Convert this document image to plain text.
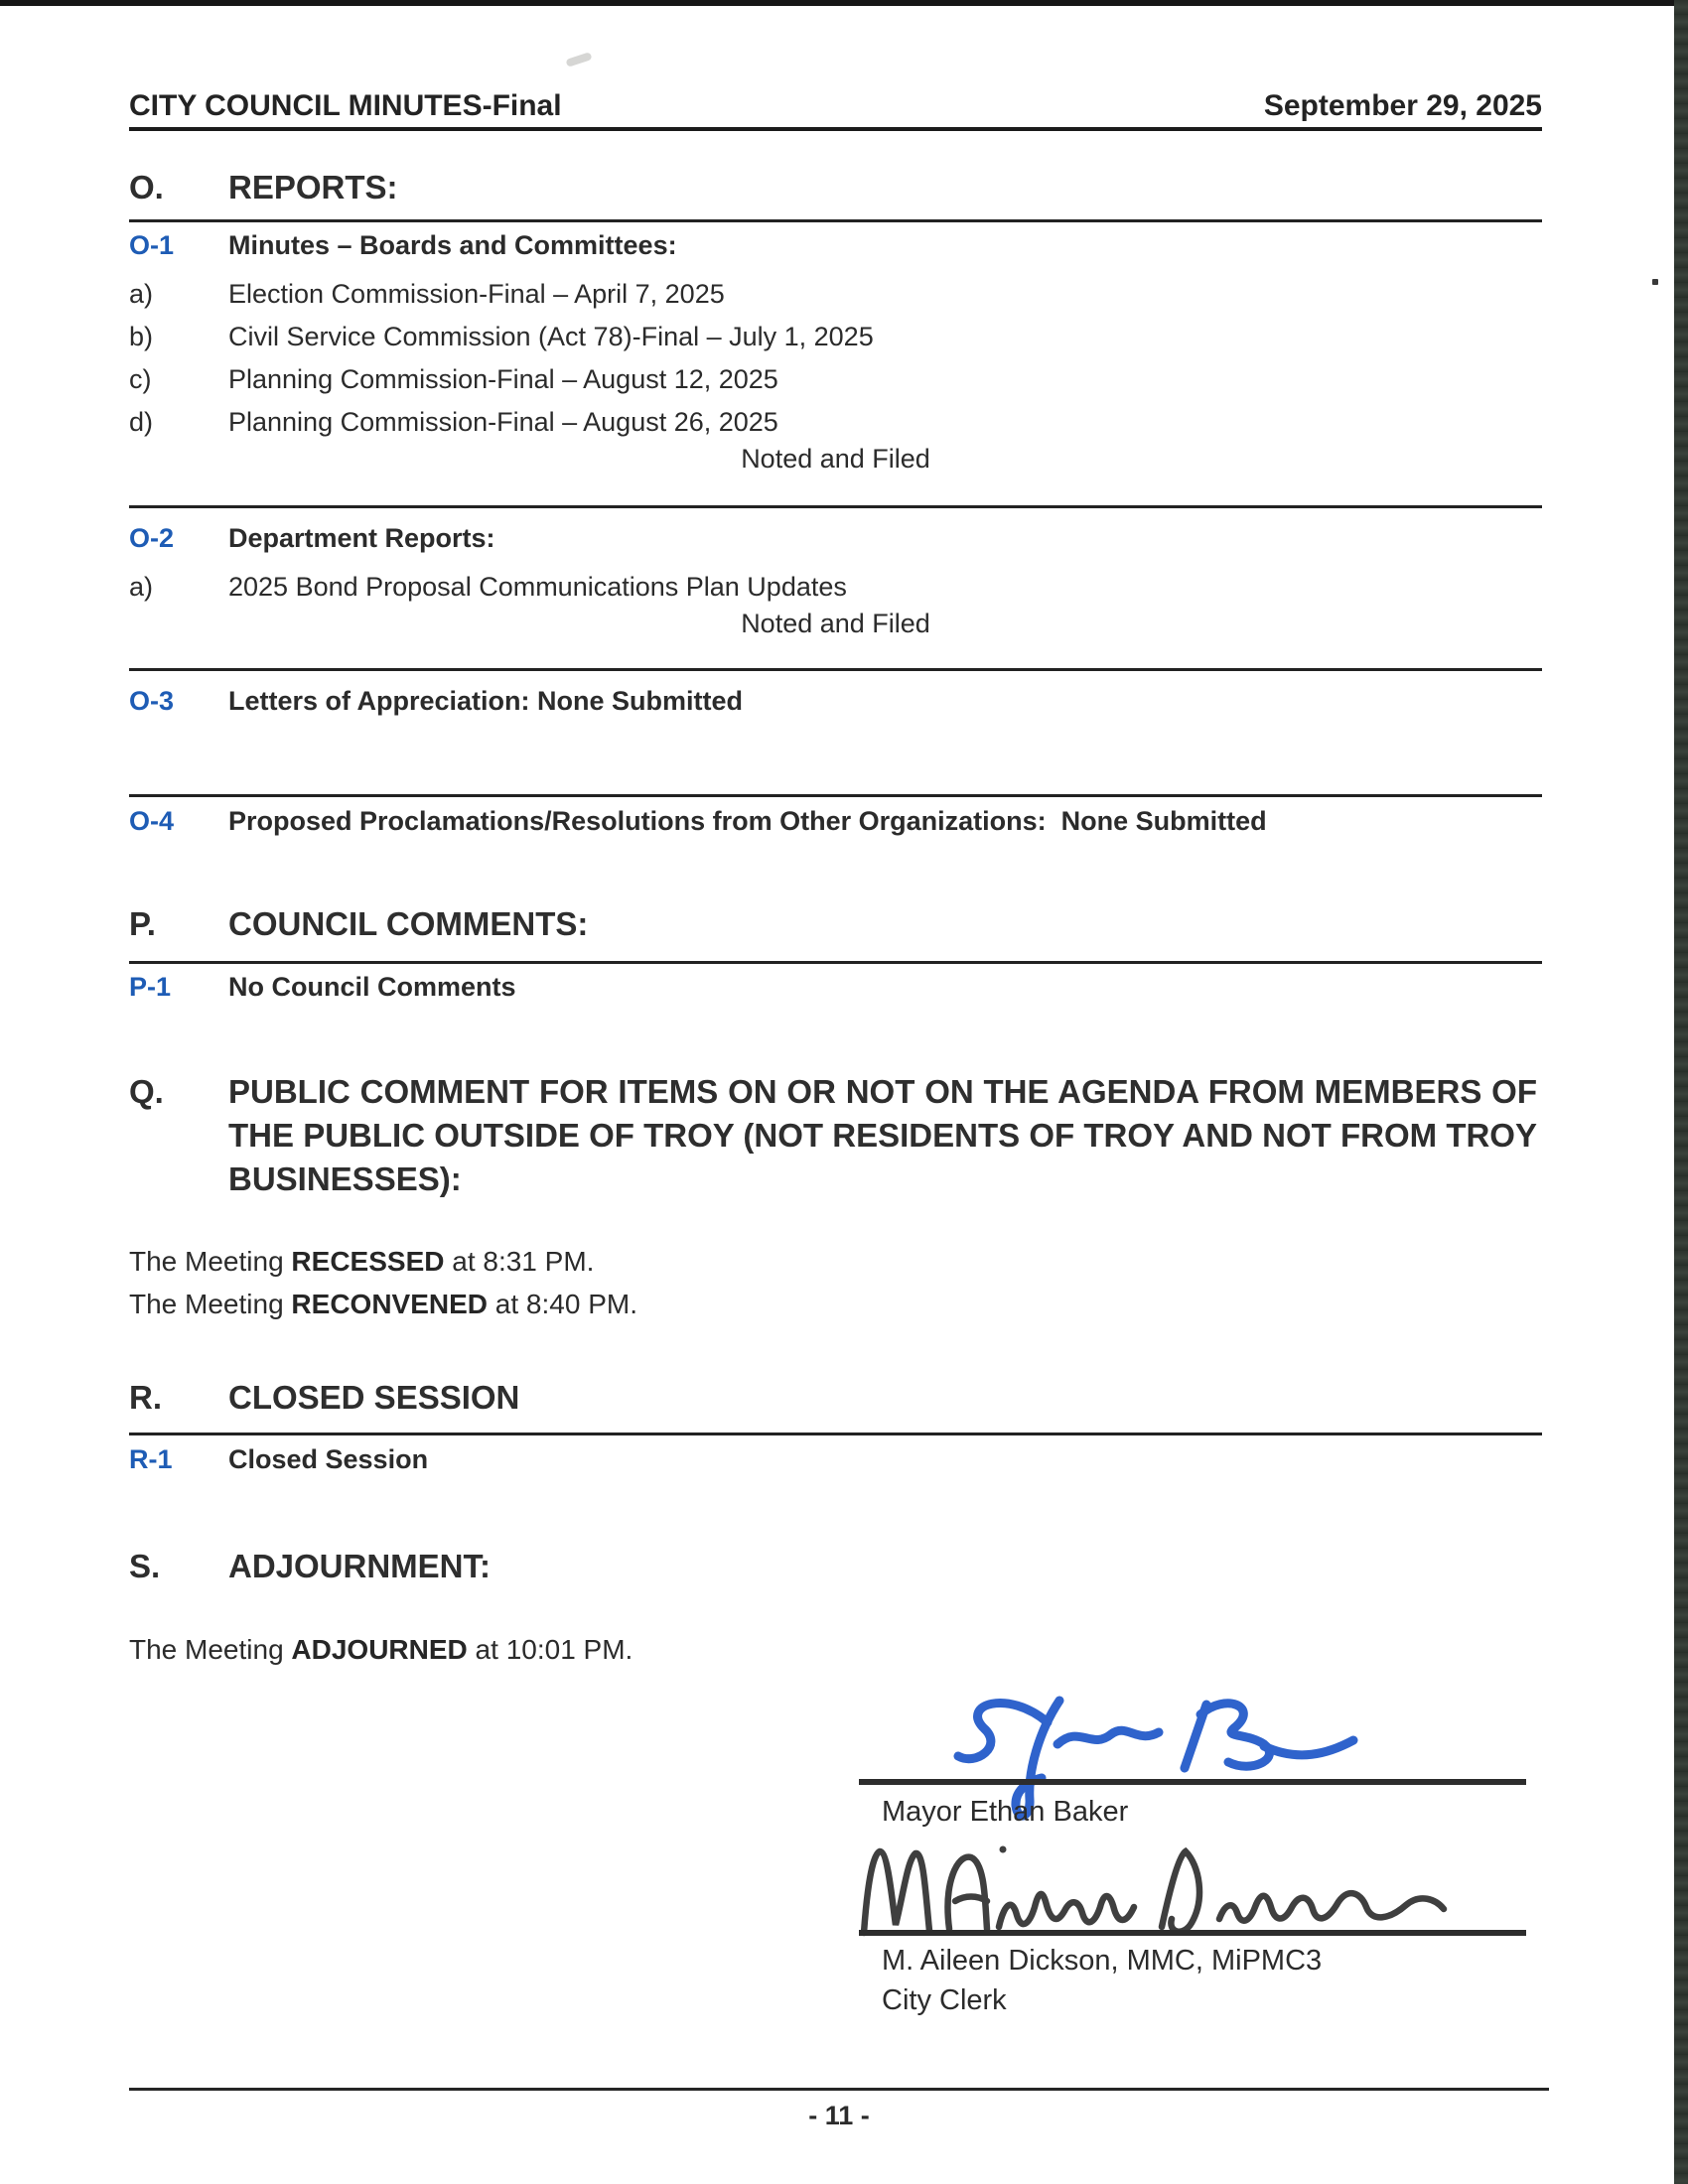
CITY COUNCIL MINUTES-Final	September 29, 2025
O.	REPORTS:
O-1	Minutes – Boards and Committees:
a)	Election Commission-Final – April 7, 2025
b)	Civil Service Commission (Act 78)-Final – July 1, 2025
c)	Planning Commission-Final – August 12, 2025
d)	Planning Commission-Final – August 26, 2025
Noted and Filed
O-2	Department Reports:
a)	2025 Bond Proposal Communications Plan Updates
Noted and Filed
O-3	Letters of Appreciation: None Submitted
O-4	Proposed Proclamations/Resolutions from Other Organizations:  None Submitted
P.	COUNCIL COMMENTS:
P-1	No Council Comments
Q.	PUBLIC COMMENT FOR ITEMS ON OR NOT ON THE AGENDA FROM MEMBERS OF THE PUBLIC OUTSIDE OF TROY (NOT RESIDENTS OF TROY AND NOT FROM TROY BUSINESSES):
The Meeting RECESSED at 8:31 PM.
The Meeting RECONVENED at 8:40 PM.
R.	CLOSED SESSION
R-1	Closed Session
S.	ADJOURNMENT:
The Meeting ADJOURNED at 10:01 PM.
Mayor Ethan Baker
M. Aileen Dickson, MMC, MiPMC3
City Clerk
- 11 -
